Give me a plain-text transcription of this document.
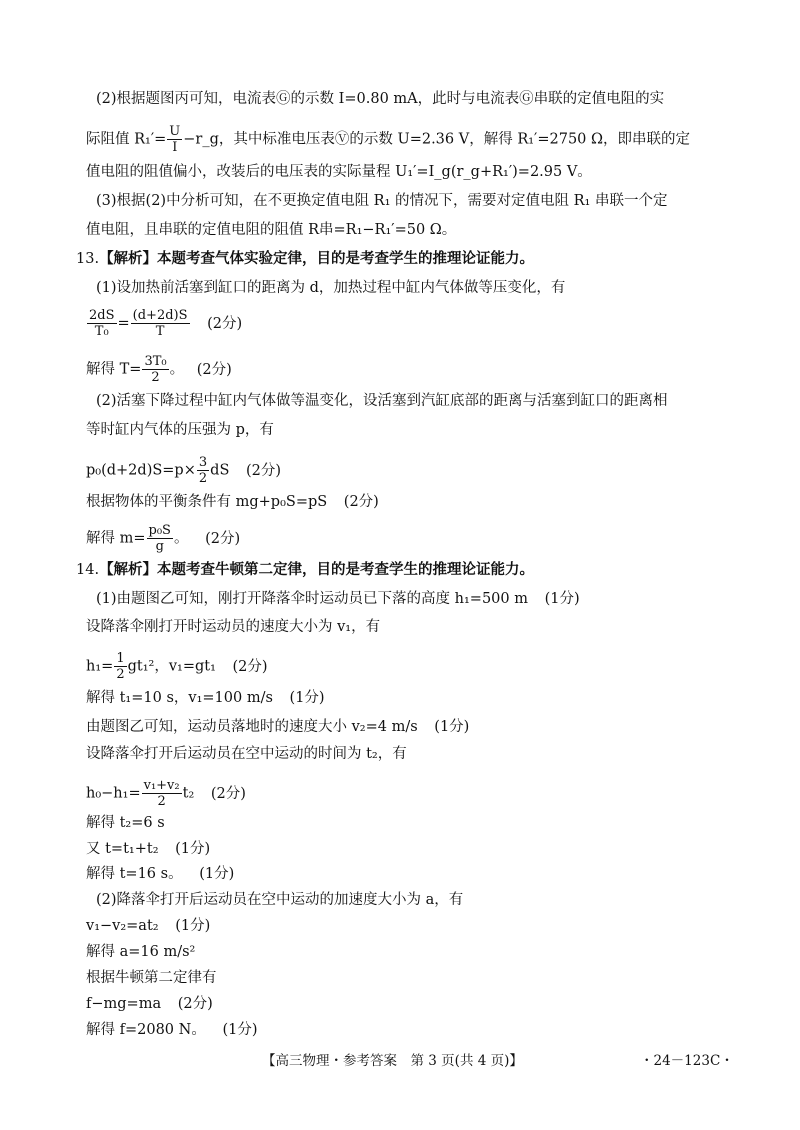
(2)根据题图丙可知，电流表Ⓖ的示数 I=0.80 mA，此时与电流表Ⓖ串联的定值电阻的实
际阻值 $R_1'= \frac{U}{I}$ −r_g，其中标准电压表Ⓥ的示数 U=2.36 V，解得 R₁′=2750 Ω，即串联的定
值电阻的阻值偏小，改装后的电压表的实际量程 U₁′=I_g(r_g+R₁′)=2.95 V。
(3)根据(2)中分析可知，在不更换定值电阻 R₁ 的情况下，需要对定值电阻 R₁ 串联一个定
值电阻，且串联的定值电阻的阻值 R串=R₁−R₁′=50 Ω。
13.【解析】本题考查气体实验定律，目的是考查学生的推理论证能力。
(1)设加热前活塞到缸口的距离为 d，加热过程中缸内气体做等压变化，有
$\frac{2dS}{\text{T₀}} = \frac{(d+2d)S}{T} (2$分)
解得 $T= \frac{\text{3T₀}}{2}$ 。 (2分)
(2)活塞下降过程中缸内气体做等温变化，设活塞到汽缸底部的距离与活塞到缸口的距离相
等时缸内气体的压强为 p，有
$p_0(d+2d)S=p\times \frac{3}{2}$ dS (2分)
根据物体的平衡条件有 mg+p₀S=pS (2分)
解得 $m= \frac{\text{p₀S}}{g}$ 。 (2分)
14.【解析】本题考查牛顿第二定律，目的是考查学生的推理论证能力。
(1)由题图乙可知，刚打开降落伞时运动员已下落的高度 h₁=500 m (1分)
设降落伞刚打开时运动员的速度大小为 v₁，有
$h_1= \frac{1}{2} gt_1^2$，v₁=gt₁ (2分)
解得 t₁=10 s，v₁=100 m/s (1分)
由题图乙可知，运动员落地时的速度大小 v₂=4 m/s (1分)
设降落伞打开后运动员在空中运动的时间为 t₂，有
$h_0-h_1= \frac{\text{v₁+v₂}}{2} t_2$ (2分)
解得 t₂=6 s
又 t=t₁+t₂ (1分)
解得 t=16 s。 (1分)
(2)降落伞打开后运动员在空中运动的加速度大小为 a，有
v₁−v₂=at₂ (1分)
解得 a=16 m/s²
根据牛顿第二定律有
f−mg=ma (2分)
解得 f=2080 N。 (1分)
【高三物理・参考答案　第 3 页(共 4 页)】	・24－123C・
